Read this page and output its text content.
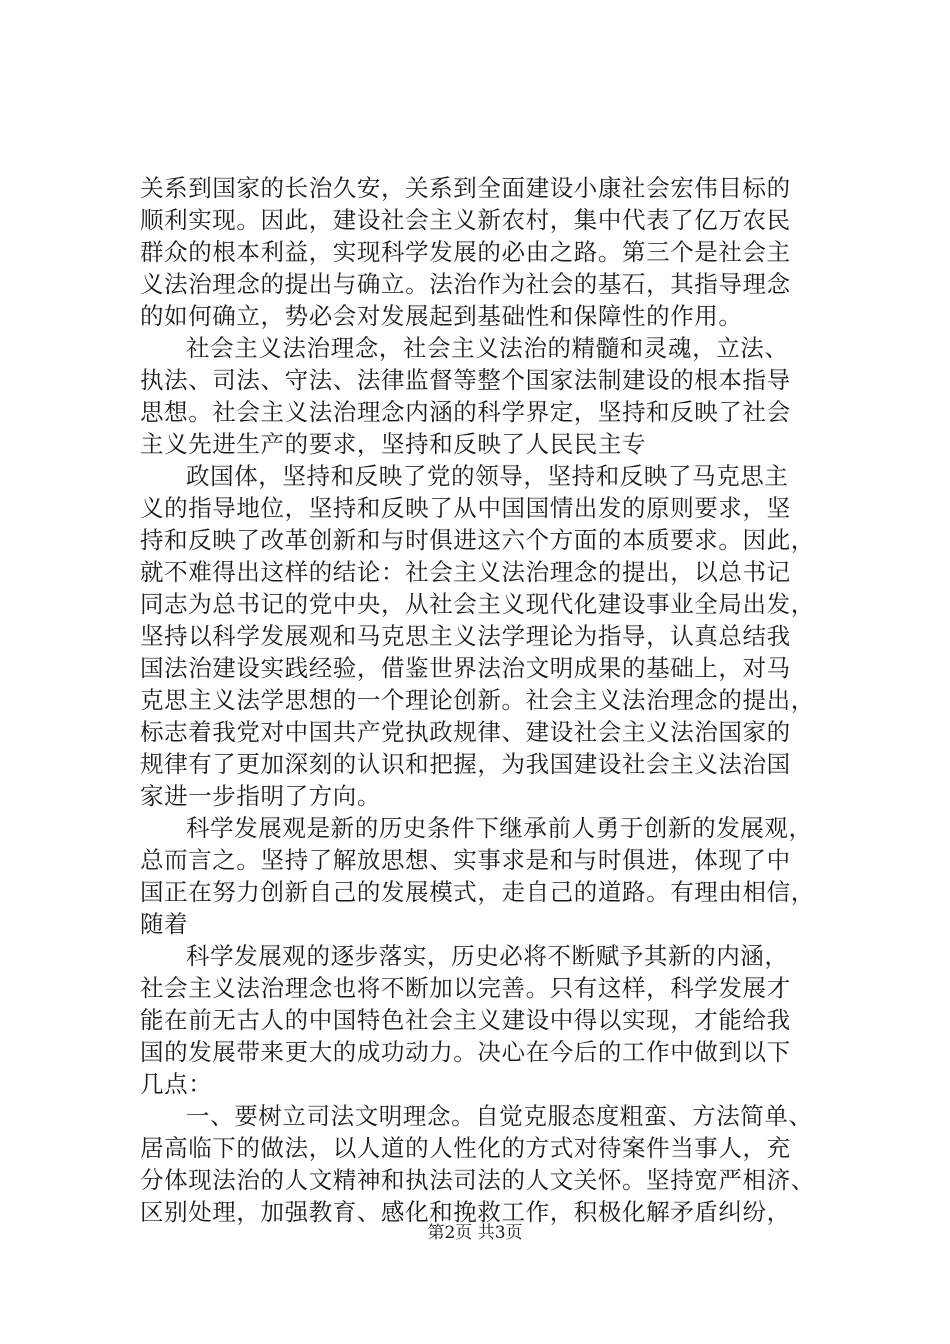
关系到国家的长治久安，关系到全面建设小康社会宏伟目标的
顺利实现。因此，建设社会主义新农村，集中代表了亿万农民
群众的根本利益，实现科学发展的必由之路。第三个是社会主
义法治理念的提出与确立。法治作为社会的基石，其指导理念
的如何确立，势必会对发展起到基础性和保障性的作用。
社会主义法治理念，社会主义法治的精髓和灵魂，立法、
执法、司法、守法、法律监督等整个国家法制建设的根本指导
思想。社会主义法治理念内涵的科学界定，坚持和反映了社会
主义先进生产的要求，坚持和反映了人民民主专
政国体，坚持和反映了党的领导，坚持和反映了马克思主
义的指导地位，坚持和反映了从中国国情出发的原则要求，坚
持和反映了改革创新和与时俱进这六个方面的本质要求。因此，
就不难得出这样的结论：社会主义法治理念的提出，以总书记
同志为总书记的党中央，从社会主义现代化建设事业全局出发，
坚持以科学发展观和马克思主义法学理论为指导，认真总结我
国法治建设实践经验，借鉴世界法治文明成果的基础上，对马
克思主义法学思想的一个理论创新。社会主义法治理念的提出，
标志着我党对中国共产党执政规律、建设社会主义法治国家的
规律有了更加深刻的认识和把握，为我国建设社会主义法治国
家进一步指明了方向。
科学发展观是新的历史条件下继承前人勇于创新的发展观，
总而言之。坚持了解放思想、实事求是和与时俱进，体现了中
国正在努力创新自己的发展模式，走自己的道路。有理由相信，
随着
科学发展观的逐步落实，历史必将不断赋予其新的内涵，
社会主义法治理念也将不断加以完善。只有这样，科学发展才
能在前无古人的中国特色社会主义建设中得以实现，才能给我
国的发展带来更大的成功动力。决心在今后的工作中做到以下
几点：
一、要树立司法文明理念。自觉克服态度粗蛮、方法简单、
居高临下的做法，以人道的人性化的方式对待案件当事人，充
分体现法治的人文精神和执法司法的人文关怀。坚持宽严相济、
区别处理，加强教育、感化和挽救工作，积极化解矛盾纠纷，
第2页 共3页
